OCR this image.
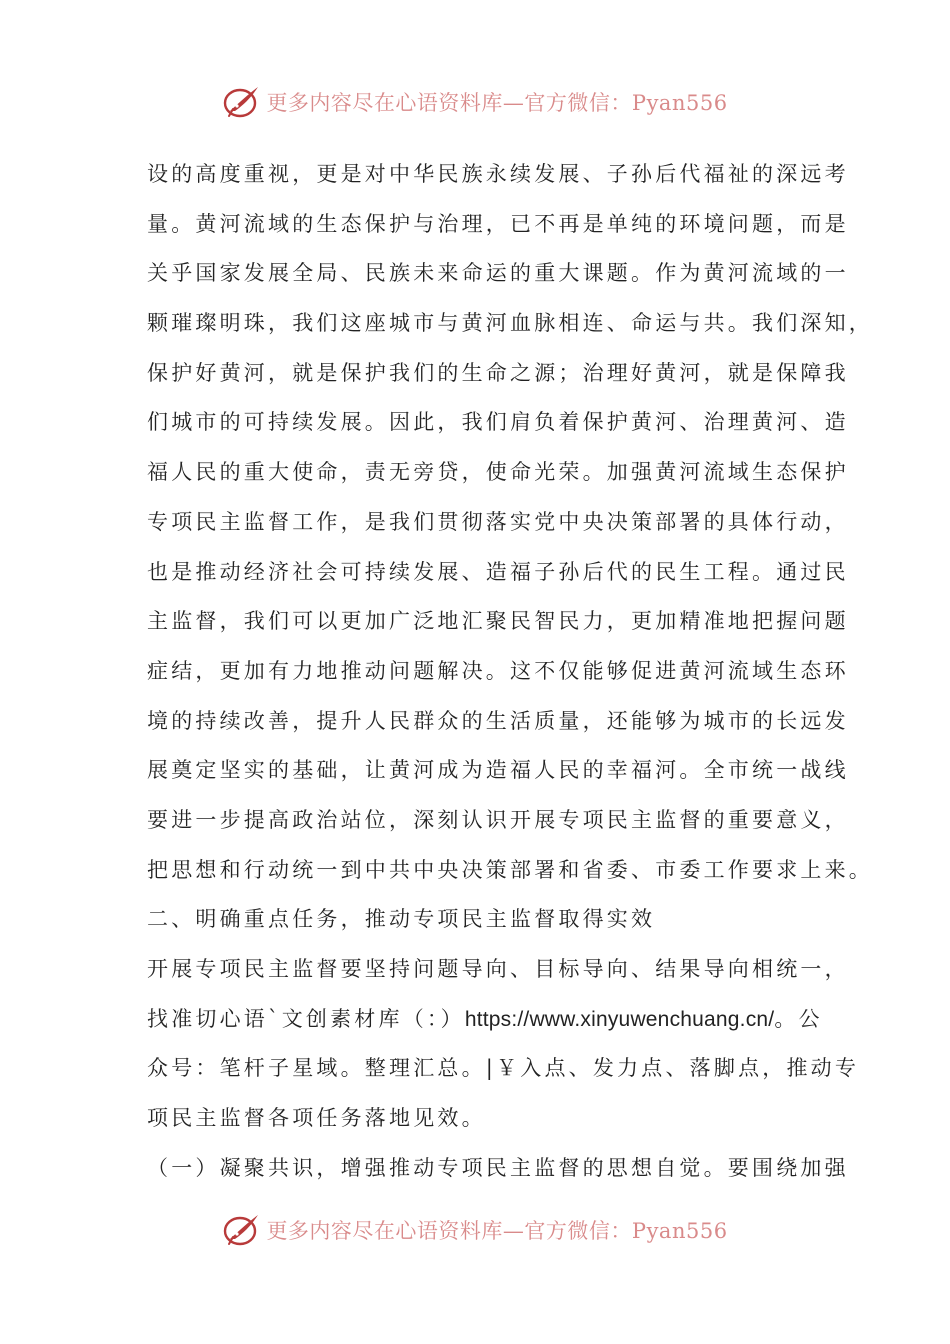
更多内容尽在心语资料库—官方微信：Pyan556
设的高度重视，更是对中华民族永续发展、子孙后代福祉的深远考
量。黄河流域的生态保护与治理，已不再是单纯的环境问题，而是
关乎国家发展全局、民族未来命运的重大课题。作为黄河流域的一
颗璀璨明珠，我们这座城市与黄河血脉相连、命运与共。我们深知，
保护好黄河，就是保护我们的生命之源；治理好黄河，就是保障我
们城市的可持续发展。因此，我们肩负着保护黄河、治理黄河、造
福人民的重大使命，责无旁贷，使命光荣。加强黄河流域生态保护
专项民主监督工作，是我们贯彻落实党中央决策部署的具体行动，
也是推动经济社会可持续发展、造福子孙后代的民生工程。通过民
主监督，我们可以更加广泛地汇聚民智民力，更加精准地把握问题
症结，更加有力地推动问题解决。这不仅能够促进黄河流域生态环
境的持续改善，提升人民群众的生活质量，还能够为城市的长远发
展奠定坚实的基础，让黄河成为造福人民的幸福河。全市统一战线
要进一步提高政治站位，深刻认识开展专项民主监督的重要意义，
把思想和行动统一到中共中央决策部署和省委、市委工作要求上来。
二、明确重点任务，推动专项民主监督取得实效
开展专项民主监督要坚持问题导向、目标导向、结果导向相统一，
找准切心语`文创素材库（：）https://www.xinyuwenchuang.cn/。公
众号：笔杆子星域。整理汇总。|￥入点、发力点、落脚点，推动专
项民主监督各项任务落地见效。
（一）凝聚共识，增强推动专项民主监督的思想自觉。要围绕加强
更多内容尽在心语资料库—官方微信：Pyan556
